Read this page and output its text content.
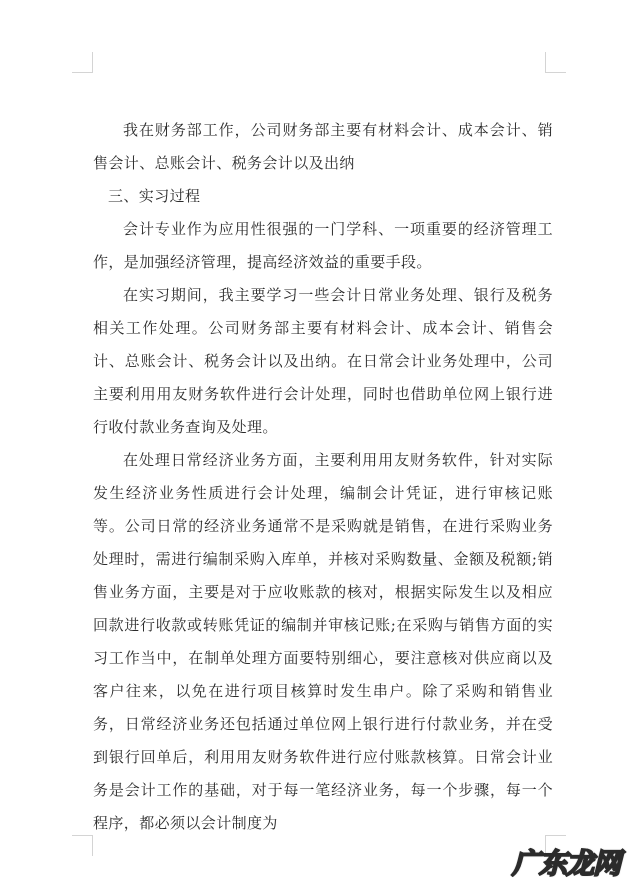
我在财务部工作，公司财务部主要有材料会计、成本会计、销售会计、总账会计、税务会计以及出纳

三、实习过程

会计专业作为应用性很强的一门学科、一项重要的经济管理工作，是加强经济管理，提高经济效益的重要手段。

在实习期间，我主要学习一些会计日常业务处理、银行及税务相关工作处理。公司财务部主要有材料会计、成本会计、销售会计、总账会计、税务会计以及出纳。在日常会计业务处理中，公司主要利用用友财务软件进行会计处理，同时也借助单位网上银行进行收付款业务查询及处理。

在处理日常经济业务方面，主要利用用友财务软件，针对实际发生经济业务性质进行会计处理，编制会计凭证，进行审核记账等。公司日常的经济业务通常不是采购就是销售，在进行采购业务处理时，需进行编制采购入库单，并核对采购数量、金额及税额;销售业务方面，主要是对于应收账款的核对，根据实际发生以及相应回款进行收款或转账凭证的编制并审核记账;在采购与销售方面的实习工作当中，在制单处理方面要特别细心，要注意核对供应商以及客户往来，以免在进行项目核算时发生串户。除了采购和销售业务，日常经济业务还包括通过单位网上银行进行付款业务，并在受到银行回单后，利用用友财务软件进行应付账款核算。日常会计业务是会计工作的基础，对于每一笔经济业务，每一个步骤，每一个程序，都必须以会计制度为

广东龙网
